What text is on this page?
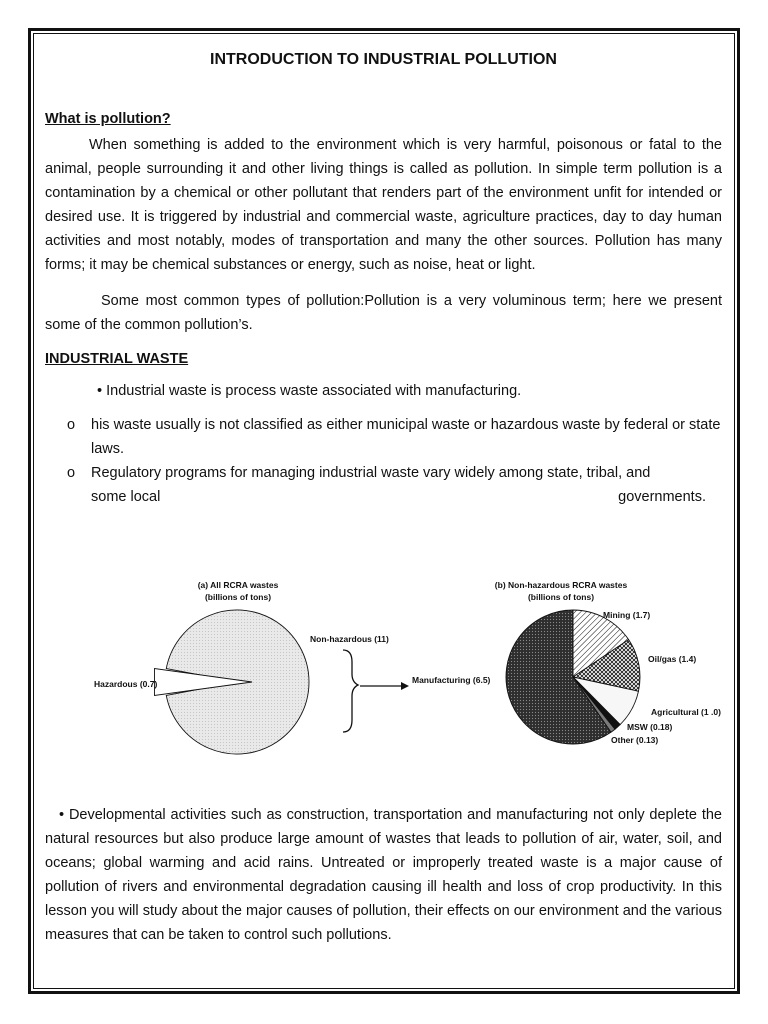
INTRODUCTION TO INDUSTRIAL POLLUTION
What is pollution?

When something is added to the environment which is very harmful, poisonous or fatal to the animal, people surrounding it and other living things is called as pollution. In simple term pollution is a contamination by a chemical or other pollutant that renders part of the environment unfit for intended or desired use. It is triggered by industrial and commercial waste, agriculture practices, day to day human activities and most notably, modes of transportation and many the other sources. Pollution has many forms; it may be chemical substances or energy, such as noise, heat or light.

Some most common types of pollution:Pollution is a very voluminous term; here we present some of the common pollution’s.

INDUSTRIAL WASTE
• Industrial waste is process waste associated with manufacturing.
o his waste usually is not classified as either municipal waste or hazardous waste by federal or state laws.
o Regulatory programs for managing industrial waste vary widely among state, tribal, and
some local	governments.
(a) All RCRA wastes
(billions of tons)
Non-hazardous (11)
Hazardous (0.7)
(b) Non-hazardous RCRA wastes
(billions of tons)
Manufacturing (6.5)
Mining (1.7)
Oil/gas (1.4)
Agricultural (1 .0)
MSW (0.18)
Other (0.13)

• Developmental activities such as construction, transportation and manufacturing not only deplete the natural resources but also produce large amount of wastes that leads to pollution of air, water, soil, and oceans; global warming and acid rains. Untreated or improperly treated waste is a major cause of pollution of rivers and environmental degradation causing ill health and loss of crop productivity. In this lesson you will study about the major causes of pollution, their effects on our environment and the various measures that can be taken to control such pollutions.
